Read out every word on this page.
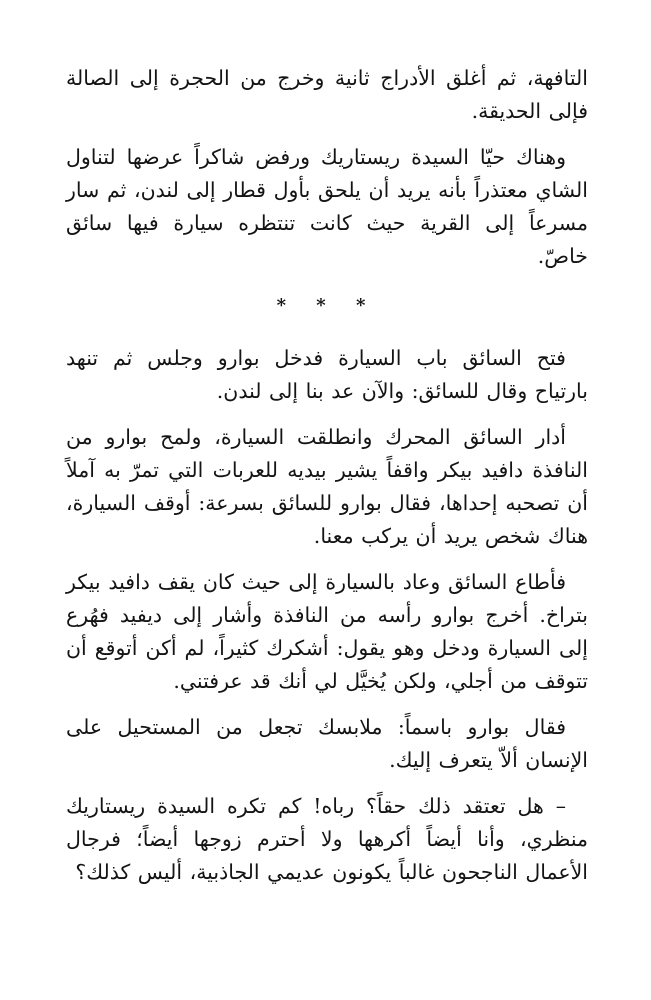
التافهة، ثم أغلق الأدراج ثانية وخرج من الحجرة إلى الصالة فإلى الحديقة.

وهناك حيّا السيدة ريستاريك ورفض شاكراً عرضها لتناول الشاي معتذراً بأنه يريد أن يلحق بأول قطار إلى لندن، ثم سار مسرعاً إلى القرية حيث كانت تنتظره سيارة فيها سائق خاصّ.

* * *

فتح السائق باب السيارة فدخل بوارو وجلس ثم تنهد بارتياح وقال للسائق: والآن عد بنا إلى لندن.

أدار السائق المحرك وانطلقت السيارة، ولمح بوارو من النافذة دافيد بيكر واقفاً يشير بيديه للعربات التي تمرّ به آملاً أن تصحبه إحداها، فقال بوارو للسائق بسرعة: أوقف السيارة، هناك شخص يريد أن يركب معنا.

فأطاع السائق وعاد بالسيارة إلى حيث كان يقف دافيد بيكر بتراخ. أخرج بوارو رأسه من النافذة وأشار إلى ديفيد فهُرع إلى السيارة ودخل وهو يقول: أشكرك كثيراً، لم أكن أتوقع أن تتوقف من أجلي، ولكن يُخيَّل لي أنك قد عرفتني.

فقال بوارو باسماً: ملابسك تجعل من المستحيل على الإنسان ألاّ يتعرف إليك.

– هل تعتقد ذلك حقاً؟ رباه! كم تكره السيدة ريستاريك منظري، وأنا أيضاً أكرهها ولا أحترم زوجها أيضاً؛ فرجال الأعمال الناجحون غالباً يكونون عديمي الجاذبية، أليس كذلك؟
